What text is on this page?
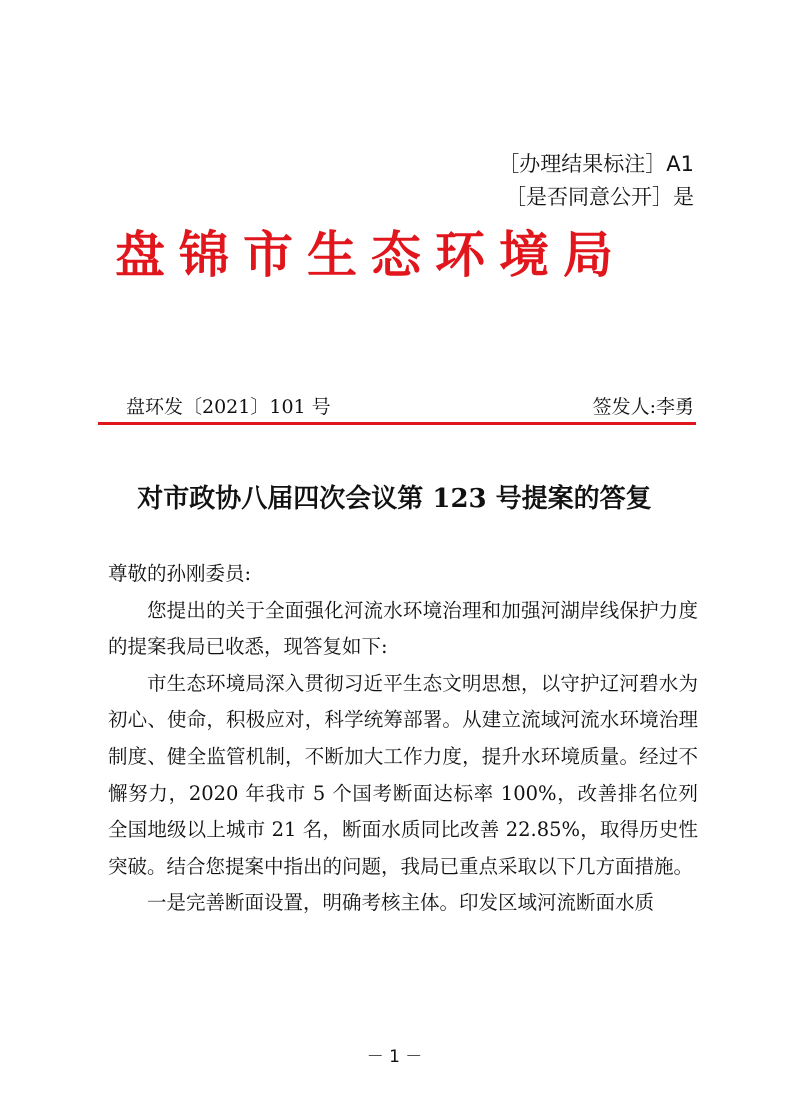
［办理结果标注］A1
［是否同意公开］是
盘锦市生态环境局
盘环发〔2021〕101 号	签发人:李勇
对市政协八届四次会议第 123 号提案的答复

尊敬的孙刚委员:

您提出的关于全面强化河流水环境治理和加强河湖岸线保护力度的提案我局已收悉，现答复如下:

市生态环境局深入贯彻习近平生态文明思想，以守护辽河碧水为初心、使命，积极应对，科学统筹部署。从建立流域河流水环境治理制度、健全监管机制，不断加大工作力度，提升水环境质量。经过不懈努力，2020 年我市 5 个国考断面达标率 100%，改善排名位列全国地级以上城市 21 名，断面水质同比改善 22.85%，取得历史性突破。结合您提案中指出的问题，我局已重点采取以下几方面措施。

一是完善断面设置，明确考核主体。印发区域河流断面水质

－ 1 －
